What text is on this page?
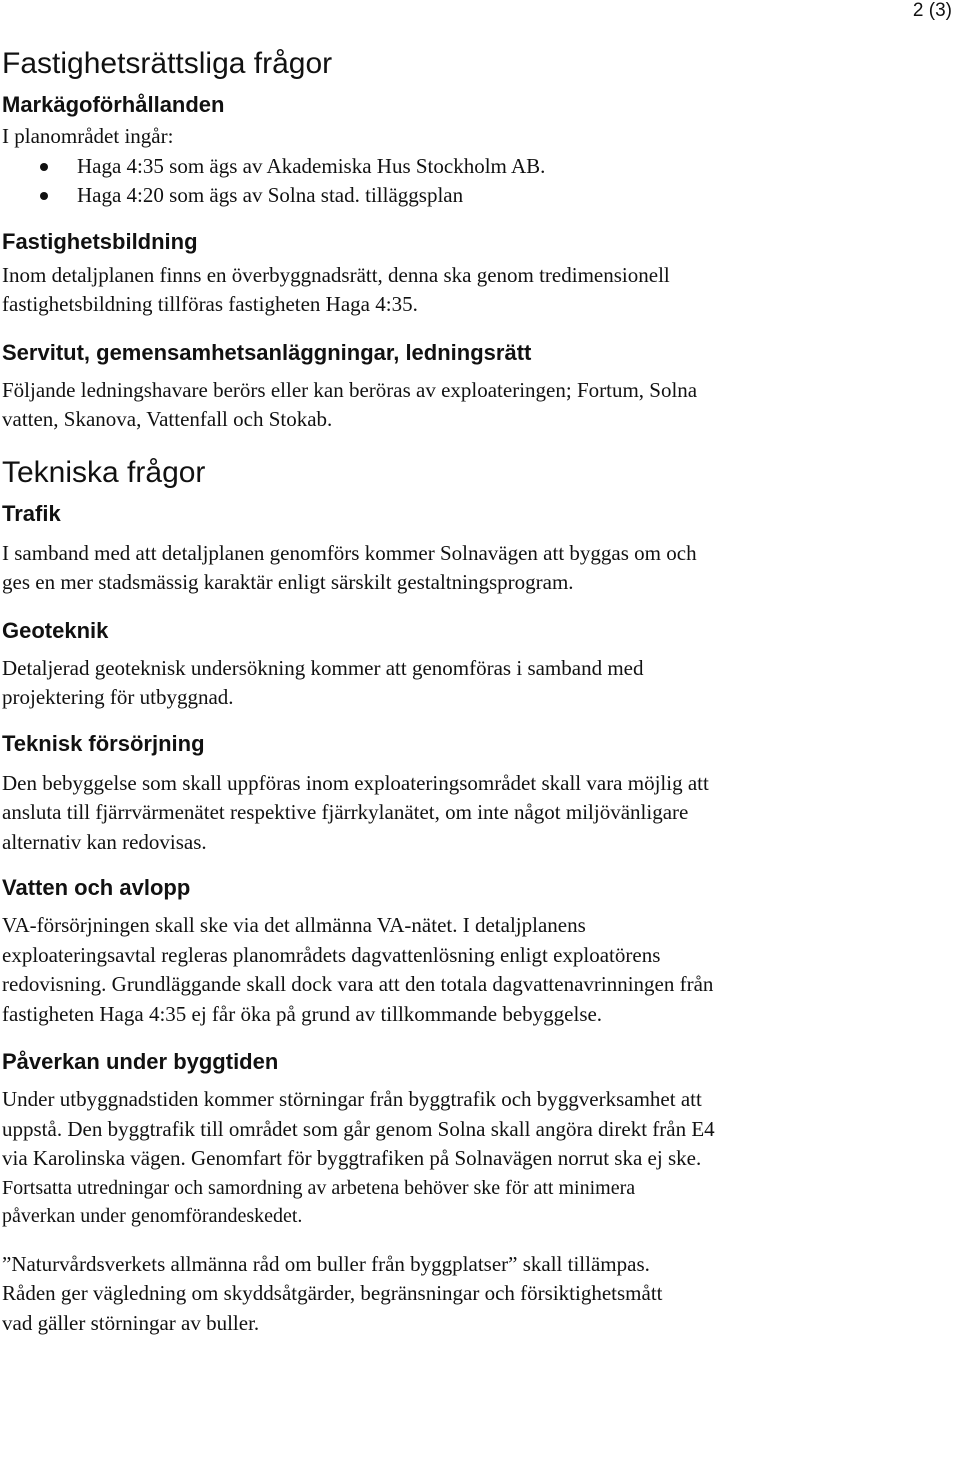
2 (3)
Fastighetsrättsliga frågor
Markägoförhållanden

I planområdet ingår:

Haga 4:35 som ägs av Akademiska Hus Stockholm AB.
Haga 4:20 som ägs av Solna stad. tilläggsplan
Fastighetsbildning

Inom detaljplanen finns en överbyggnadsrätt, denna ska genom tredimensionell

fastighetsbildning tillföras fastigheten Haga 4:35.

Servitut, gemensamhetsanläggningar, ledningsrätt

Följande ledningshavare berörs eller kan beröras av exploateringen; Fortum, Solna

vatten, Skanova, Vattenfall och Stokab.

Tekniska frågor
Trafik

I samband med att detaljplanen genomförs kommer Solnavägen att byggas om och

ges en mer stadsmässig karaktär enligt särskilt gestaltningsprogram.

Geoteknik

Detaljerad geoteknisk undersökning kommer att genomföras i samband med

projektering för utbyggnad.

Teknisk försörjning

Den bebyggelse som skall uppföras inom exploateringsområdet skall vara möjlig att

ansluta till fjärrvärmenätet respektive fjärrkylanätet, om inte något miljövänligare

alternativ kan redovisas.

Vatten och avlopp

VA-försörjningen skall ske via det allmänna VA-nätet. I detaljplanens

exploateringsavtal regleras planområdets dagvattenlösning enligt exploatörens

redovisning. Grundläggande skall dock vara att den totala dagvattenavrinningen från

fastigheten Haga 4:35 ej får öka på grund av tillkommande bebyggelse.

Påverkan under byggtiden

Under utbyggnadstiden kommer störningar från byggtrafik och byggverksamhet att

uppstå. Den byggtrafik till området som går genom Solna skall angöra direkt från E4

via Karolinska vägen. Genomfart för byggtrafiken på Solnavägen norrut ska ej ske.

Fortsatta utredningar och samordning av arbetena behöver ske för att minimera

påverkan under genomförandeskedet.

”Naturvårdsverkets allmänna råd om buller från byggplatser” skall tillämpas.

Råden ger vägledning om skyddsåtgärder, begränsningar och försiktighetsmått

vad gäller störningar av buller.
